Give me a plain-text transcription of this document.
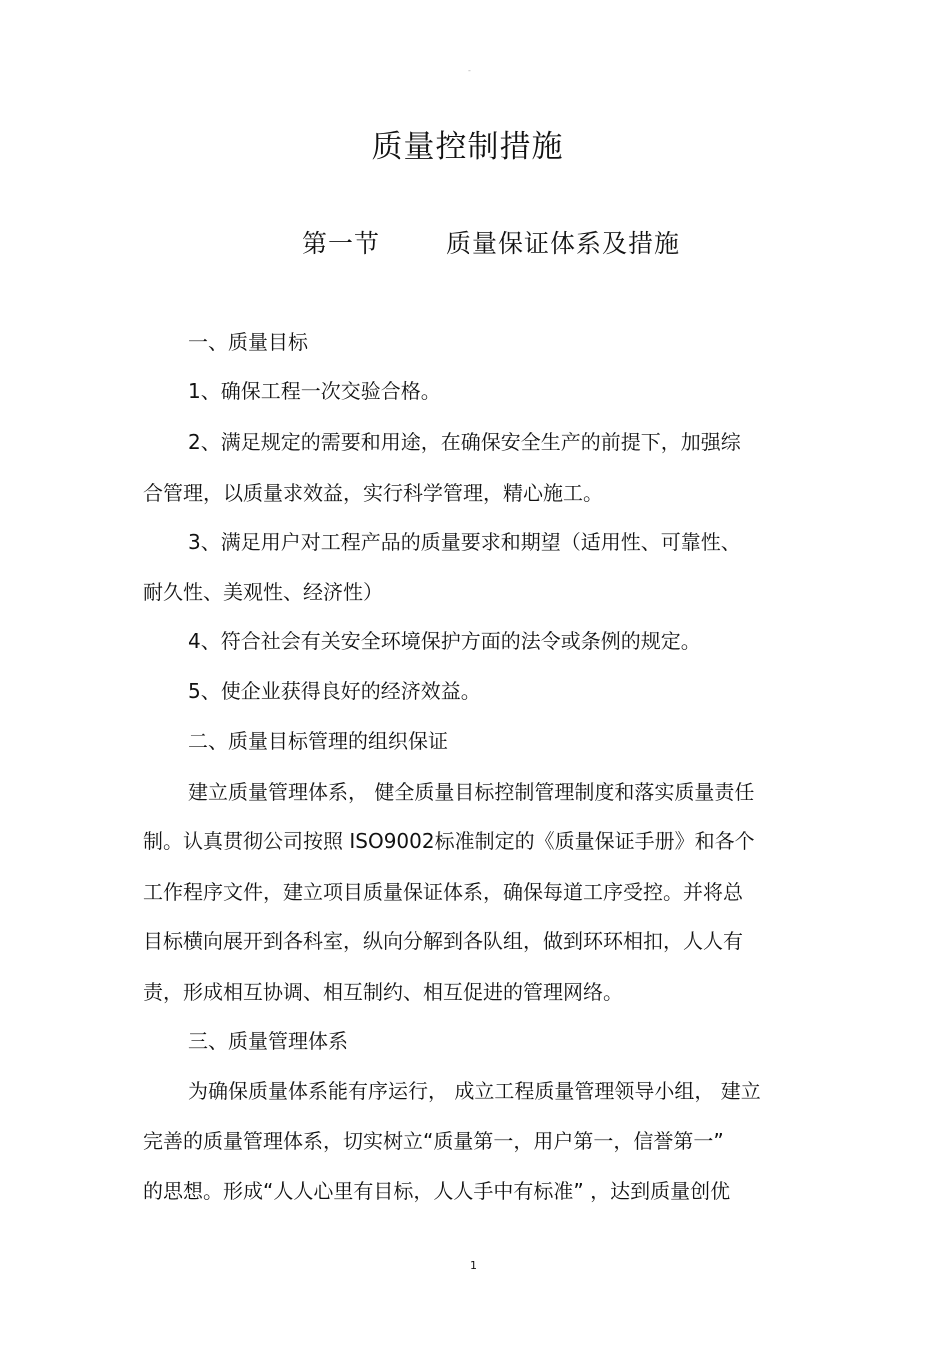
-
质量控制措施
第一节	质量保证体系及措施
一、质量目标
1、确保工程一次交验合格。
2、满足规定的需要和用途，在确保安全生产的前提下，加强综
合管理，以质量求效益，实行科学管理，精心施工。
3、满足用户对工程产品的质量要求和期望（适用性、可靠性、
耐久性、美观性、经济性）
4、符合社会有关安全环境保护方面的法令或条例的规定。
5、使企业获得良好的经济效益。
二、质量目标管理的组织保证
建立质量管理体系， 健全质量目标控制管理制度和落实质量责任
制。认真贯彻公司按照 ISO9002标准制定的《质量保证手册》和各个
工作程序文件，建立项目质量保证体系，确保每道工序受控。并将总
目标横向展开到各科室，纵向分解到各队组，做到环环相扣，人人有
责，形成相互协调、相互制约、相互促进的管理网络。
三、质量管理体系
为确保质量体系能有序运行， 成立工程质量管理领导小组， 建立
完善的质量管理体系，切实树立“质量第一，用户第一，信誉第一”
的思想。形成“人人心里有目标，人人手中有标准” ，达到质量创优
1
